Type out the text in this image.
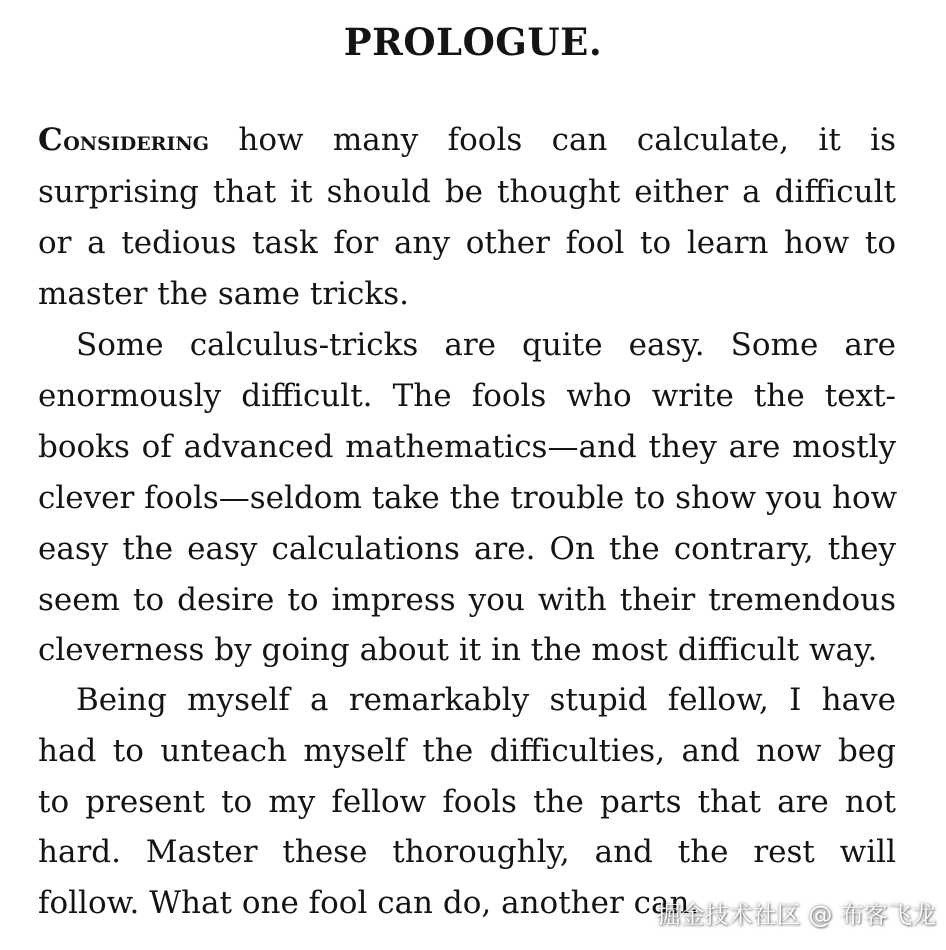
PROLOGUE.
Considering how many fools can calculate, it is
surprising that it should be thought either a difficult
or a tedious task for any other fool to learn how to
master the same tricks.
Some calculus-tricks are quite easy. Some are
enormously difficult. The fools who write the text-
books of advanced mathematics—and they are mostly
clever fools—seldom take the trouble to show you how
easy the easy calculations are. On the contrary, they
seem to desire to impress you with their tremendous
cleverness by going about it in the most difficult way.
Being myself a remarkably stupid fellow, I have
had to unteach myself the difficulties, and now beg
to present to my fellow fools the parts that are not
hard. Master these thoroughly, and the rest will
follow. What one fool can do, another can.
掘金技术社区 @ 布客飞龙
